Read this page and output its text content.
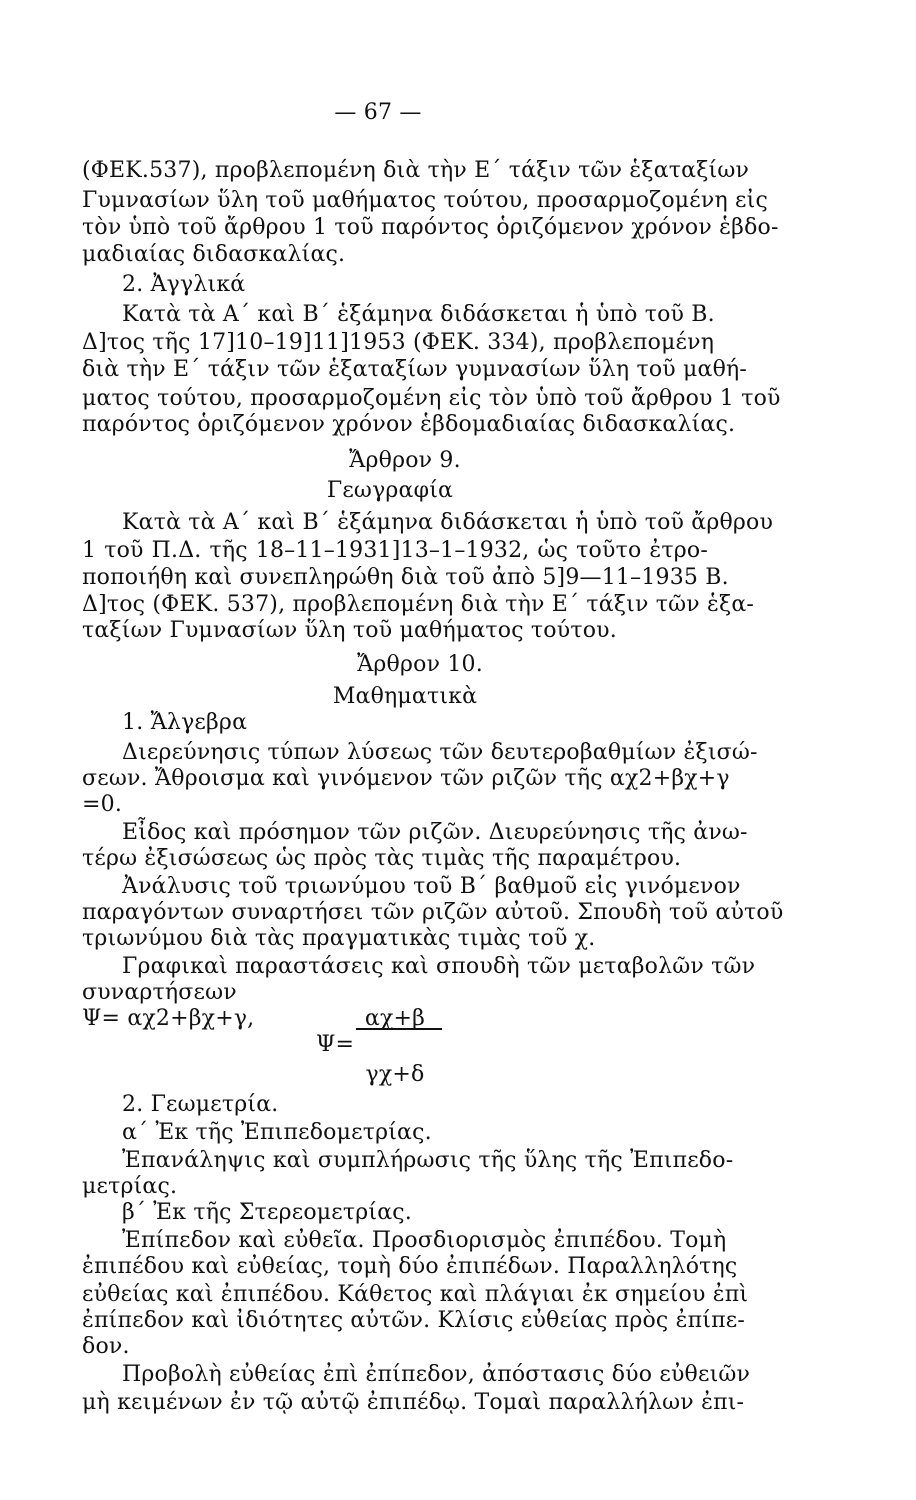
— 67 —
(ΦΕΚ.537), προβλεπομένη διὰ τὴν Ε΄ τάξιν τῶν ἑξαταξίων
Γυμνασίων ὕλη τοῦ μαθήματος τούτου, προσαρμοζομένη εἰς
τὸν ὑπὸ τοῦ ἄρθρου 1 τοῦ παρόντος ὁριζόμενον χρόνον ἑβδο-
μαδιαίας διδασκαλίας.
2. Ἀγγλικά
Κατὰ τὰ Α΄ καὶ Β΄ ἑξάμηνα διδάσκεται ἡ ὑπὸ τοῦ Β.
Δ]τος τῆς 17]10–19]11]1953 (ΦΕΚ. 334), προβλεπομένη
διὰ τὴν Ε΄ τάξιν τῶν ἑξαταξίων γυμνασίων ὕλη τοῦ μαθή-
ματος τούτου, προσαρμοζομένη εἰς τὸν ὑπὸ τοῦ ἄρθρου 1 τοῦ
παρόντος ὁριζόμενον χρόνον ἑβδομαδιαίας διδασκαλίας.
Ἄρθρον 9.
Γεωγραφία
Κατὰ τὰ Α΄ καὶ Β΄ ἑξάμηνα διδάσκεται ἡ ὑπὸ τοῦ ἄρθρου
1 τοῦ Π.Δ. τῆς 18–11–1931]13–1–1932, ὡς τοῦτο ἐτρο-
ποποιήθη καὶ συνεπληρώθη διὰ τοῦ ἀπὸ 5]9—11–1935 Β.
Δ]τος (ΦΕΚ. 537), προβλεπομένη διὰ τὴν Ε΄ τάξιν τῶν ἑξα-
ταξίων Γυμνασίων ὕλη τοῦ μαθήματος τούτου.
Ἄρθρον 10.
Μαθηματικὰ
1. Ἄλγεβρα
Διερεύνησις τύπων λύσεως τῶν δευτεροβαθμίων ἐξισώ-
σεων. Ἄθροισμα καὶ γινόμενον τῶν ριζῶν τῆς αχ2+βχ+γ
=0.
Εἶδος καὶ πρόσημον τῶν ριζῶν. Διευρεύνησις τῆς ἀνω-
τέρω ἐξισώσεως ὡς πρὸς τὰς τιμὰς τῆς παραμέτρου.
Ἀνάλυσις τοῦ τριωνύμου τοῦ Β΄ βαθμοῦ εἰς γινόμενον
παραγόντων συναρτήσει τῶν ριζῶν αὐτοῦ. Σπουδὴ τοῦ αὐτοῦ
τριωνύμου διὰ τὰς πραγματικὰς τιμὰς τοῦ χ.
Γραφικαὶ παραστάσεις καὶ σπουδὴ τῶν μεταβολῶν τῶν
συναρτήσεων
Ψ= αχ2+βχ+γ,	αχ+β
Ψ=
γχ+δ
2. Γεωμετρία.
α΄ Ἐκ τῆς Ἐπιπεδομετρίας.
Ἐπανάληψις καὶ συμπλήρωσις τῆς ὕλης τῆς Ἐπιπεδο-
μετρίας.
β΄ Ἐκ τῆς Στερεομετρίας.
Ἐπίπεδον καὶ εὐθεῖα. Προσδιορισμὸς ἐπιπέδου. Τομὴ
ἐπιπέδου καὶ εὐθείας, τομὴ δύο ἐπιπέδων. Παραλληλότης
εὐθείας καὶ ἐπιπέδου. Κάθετος καὶ πλάγιαι ἐκ σημείου ἐπὶ
ἐπίπεδον καὶ ἰδιότητες αὐτῶν. Κλίσις εὐθείας πρὸς ἐπίπε-
δον.
Προβολὴ εὐθείας ἐπὶ ἐπίπεδον, ἀπόστασις δύο εὐθειῶν
μὴ κειμένων ἐν τῷ αὐτῷ ἐπιπέδῳ. Τομαὶ παραλλήλων ἐπι-
